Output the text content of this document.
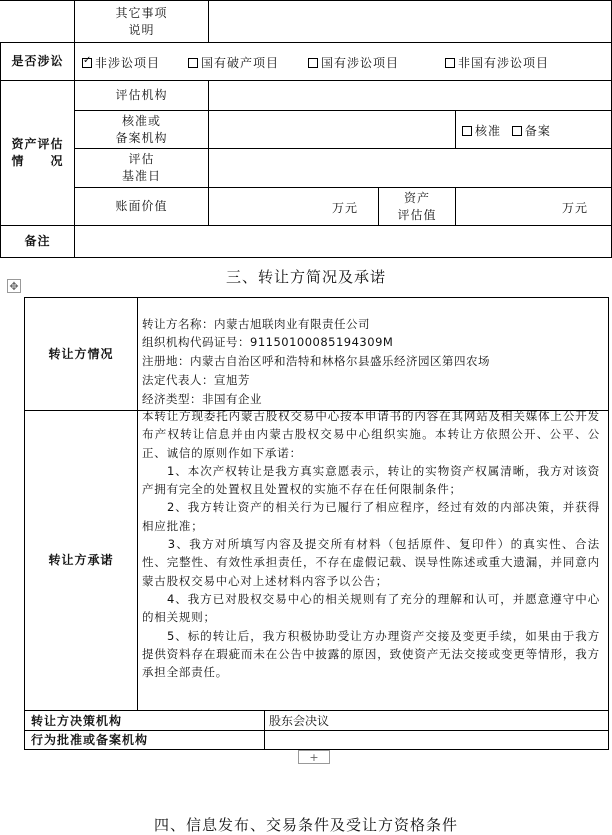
其它事项
说明
是否涉讼
✓	非涉讼项目	国有破产项目	国有涉讼项目	非国有涉讼项目
资产评估
情　　况
评估机构
核准或
备案机构	核准 备案
评估
基准日
账面价值	万元
资产
评估值	万元
备注
✥	三、转让方简况及承诺
转让方情况
转让方名称：内蒙古旭联肉业有限责任公司
组织机构代码证号：91150100085194309M
注册地：内蒙古自治区呼和浩特和林格尔县盛乐经济园区第四农场
法定代表人：宣旭芳
经济类型：非国有企业
转让方承诺

本转让方现委托内蒙古股权交易中心按本申请书的内容在其网站及相关媒体上公开发布产权转让信息并由内蒙古股权交易中心组织实施。本转让方依照公开、公平、公正、诚信的原则作如下承诺：

　　1、本次产权转让是我方真实意愿表示，转让的实物资产权属清晰，我方对该资产拥有完全的处置权且处置权的实施不存在任何限制条件；

　　2、我方转让资产的相关行为已履行了相应程序，经过有效的内部决策，并获得相应批准；

　　3、我方对所填写内容及提交所有材料（包括原件、复印件）的真实性、合法性、完整性、有效性承担责任，不存在虚假记载、误导性陈述或重大遗漏，并同意内蒙古股权交易中心对上述材料内容予以公告；

　　4、我方已对股权交易中心的相关规则有了充分的理解和认可，并愿意遵守中心的相关规则；

　　5、标的转让后，我方积极协助受让方办理资产交接及变更手续，如果由于我方提供资料存在瑕疵而未在公告中披露的原因，致使资产无法交接或变更等情形，我方承担全部责任。

转让方决策机构	股东会决议
行为批准或备案机构
+
四、信息发布、交易条件及受让方资格条件
